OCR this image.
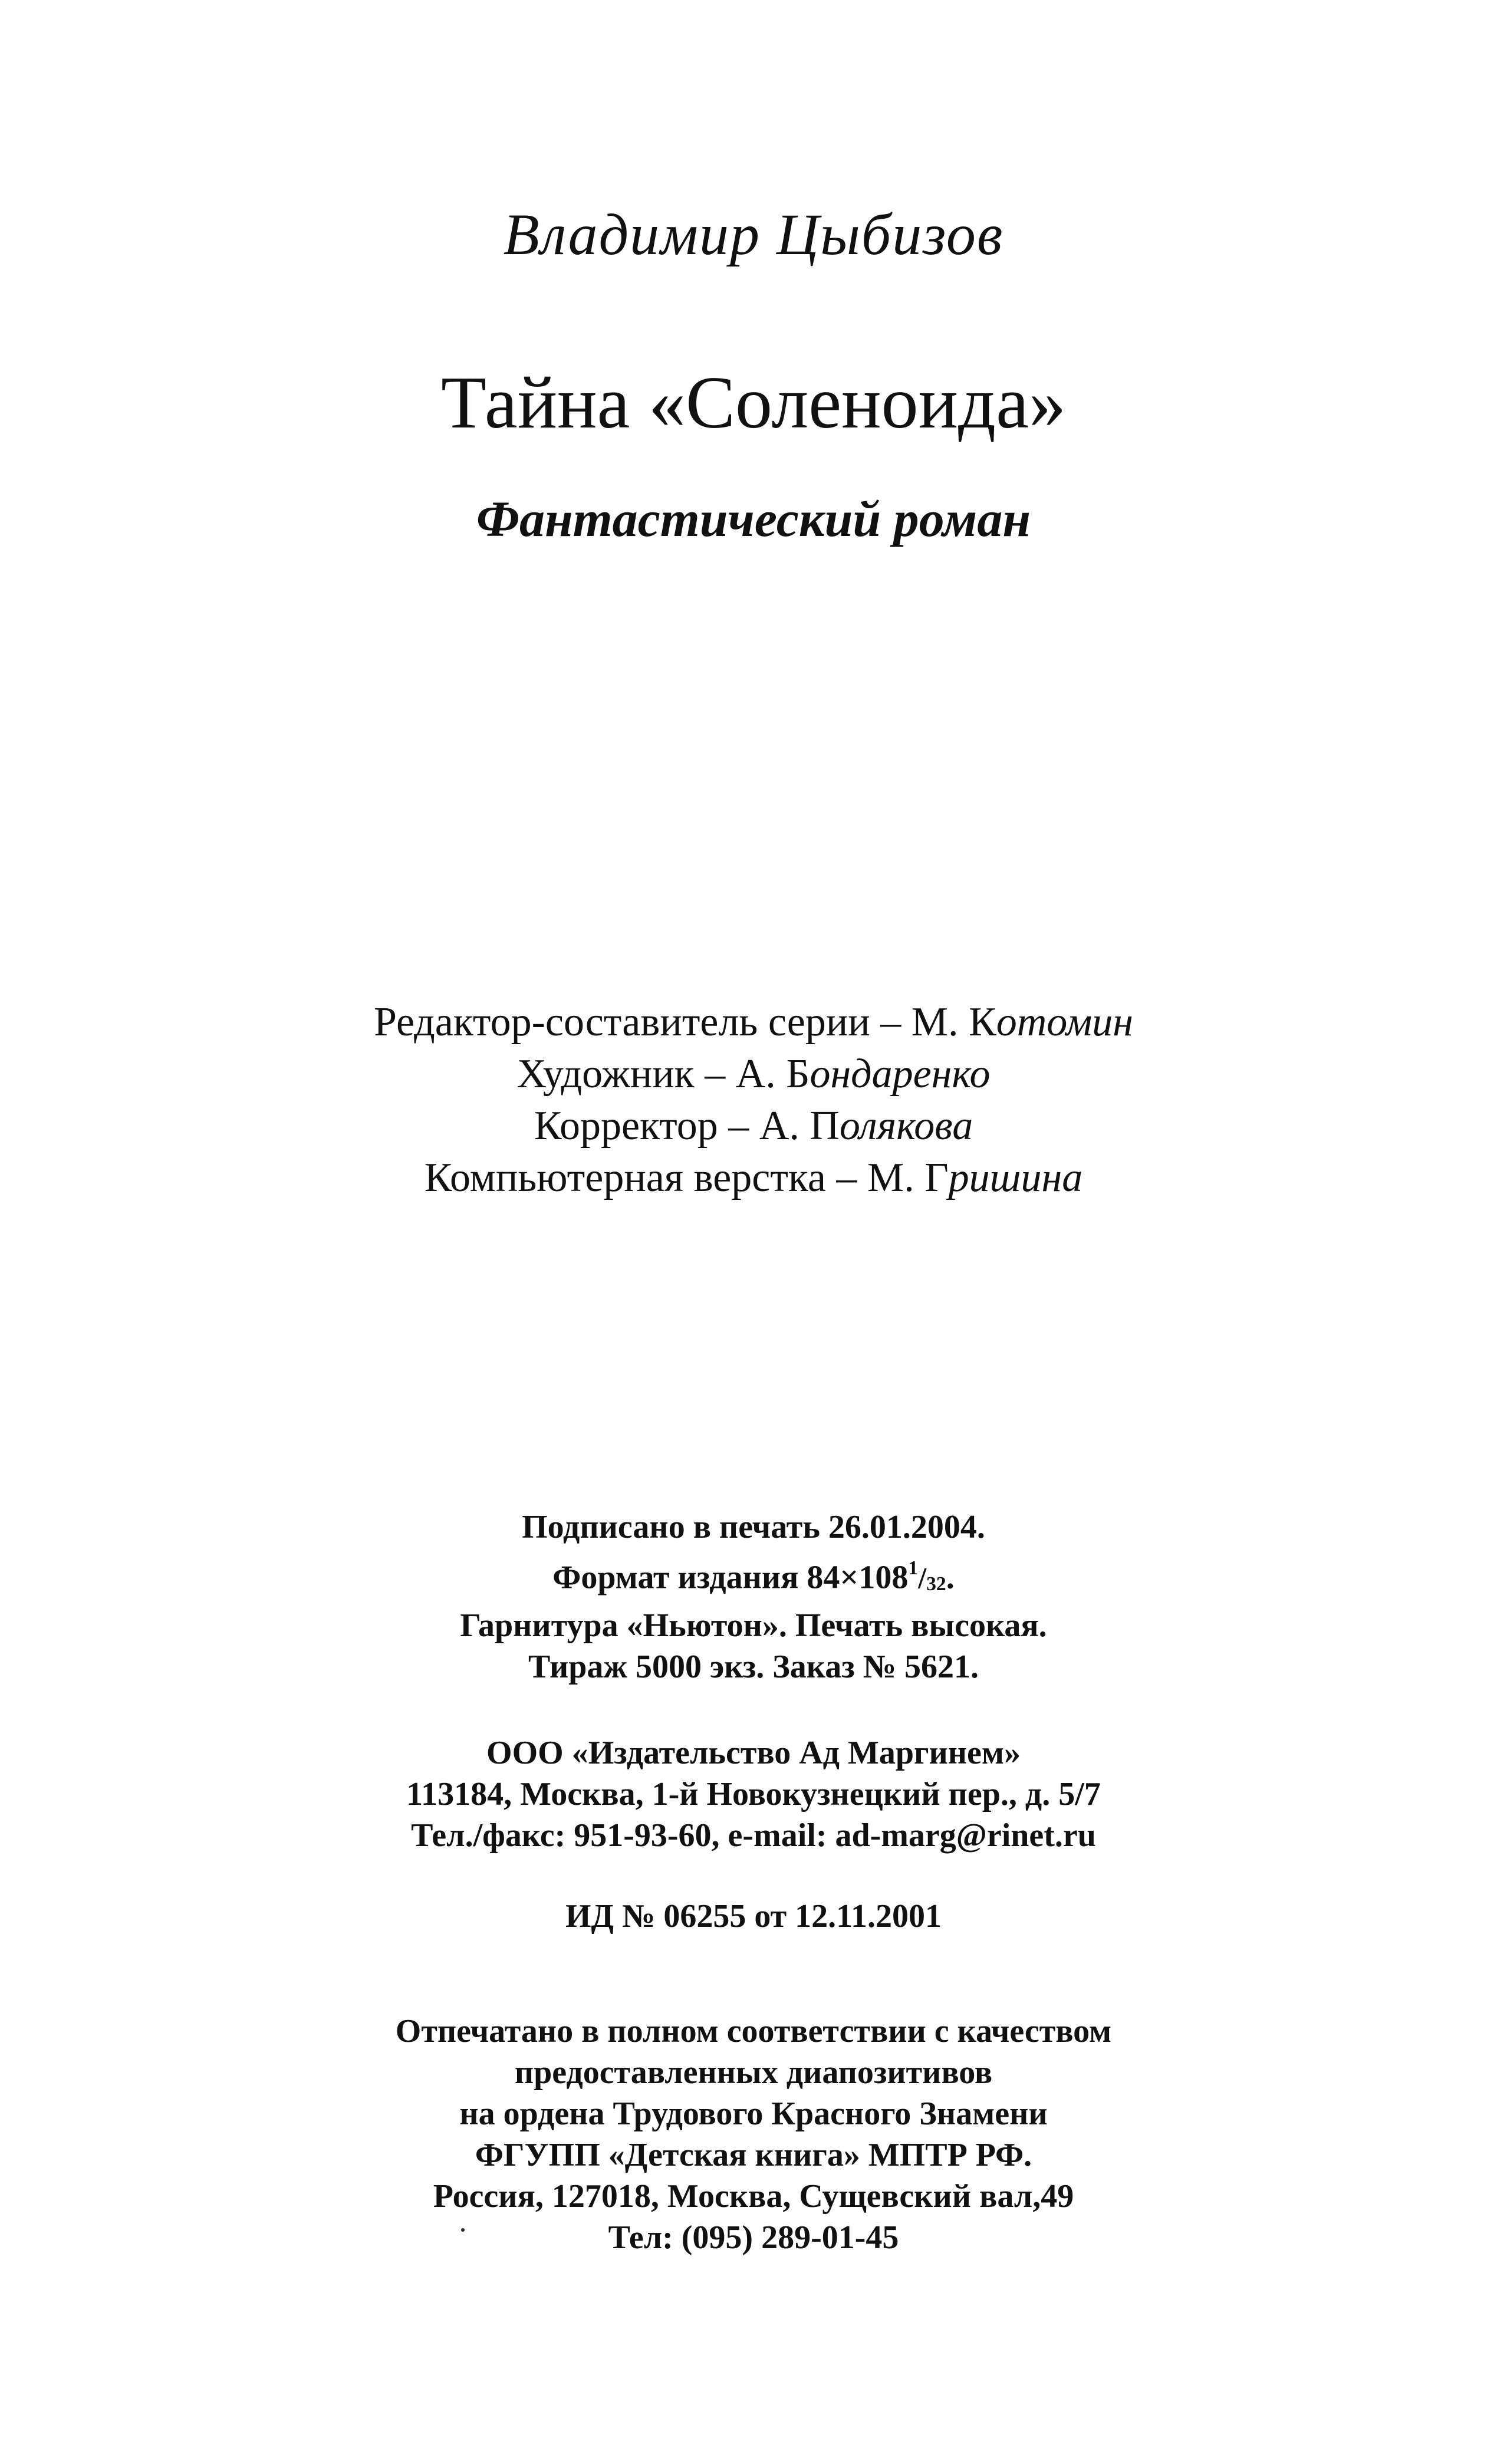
Владимир Цыбизов
Тайна «Соленоида»
Фантастический роман
Редактор-составитель серии – М. Котомин
Художник – А. Бондаренко
Корректор – А. Полякова
Компьютерная верстка – М. Гришина
Подписано в печать 26.01.2004.
Формат издания $84\times 108^1/_{32}$.
Гарнитура «Ньютон». Печать высокая.
Тираж 5000 экз. Заказ № 5621.
ООО «Издательство Ад Маргинем»
113184, Москва, 1-й Новокузнецкий пер., д. 5/7
Тел./факс: 951-93-60, e-mail: ad-marg@rinet.ru
ИД № 06255 от 12.11.2001
Отпечатано в полном соответствии с качеством
предоставленных диапозитивов
на ордена Трудового Красного Знамени
ФГУПП «Детская книга» МПТР РФ.
Россия, 127018, Москва, Сущевский вал,49
Тел: (095) 289-01-45
